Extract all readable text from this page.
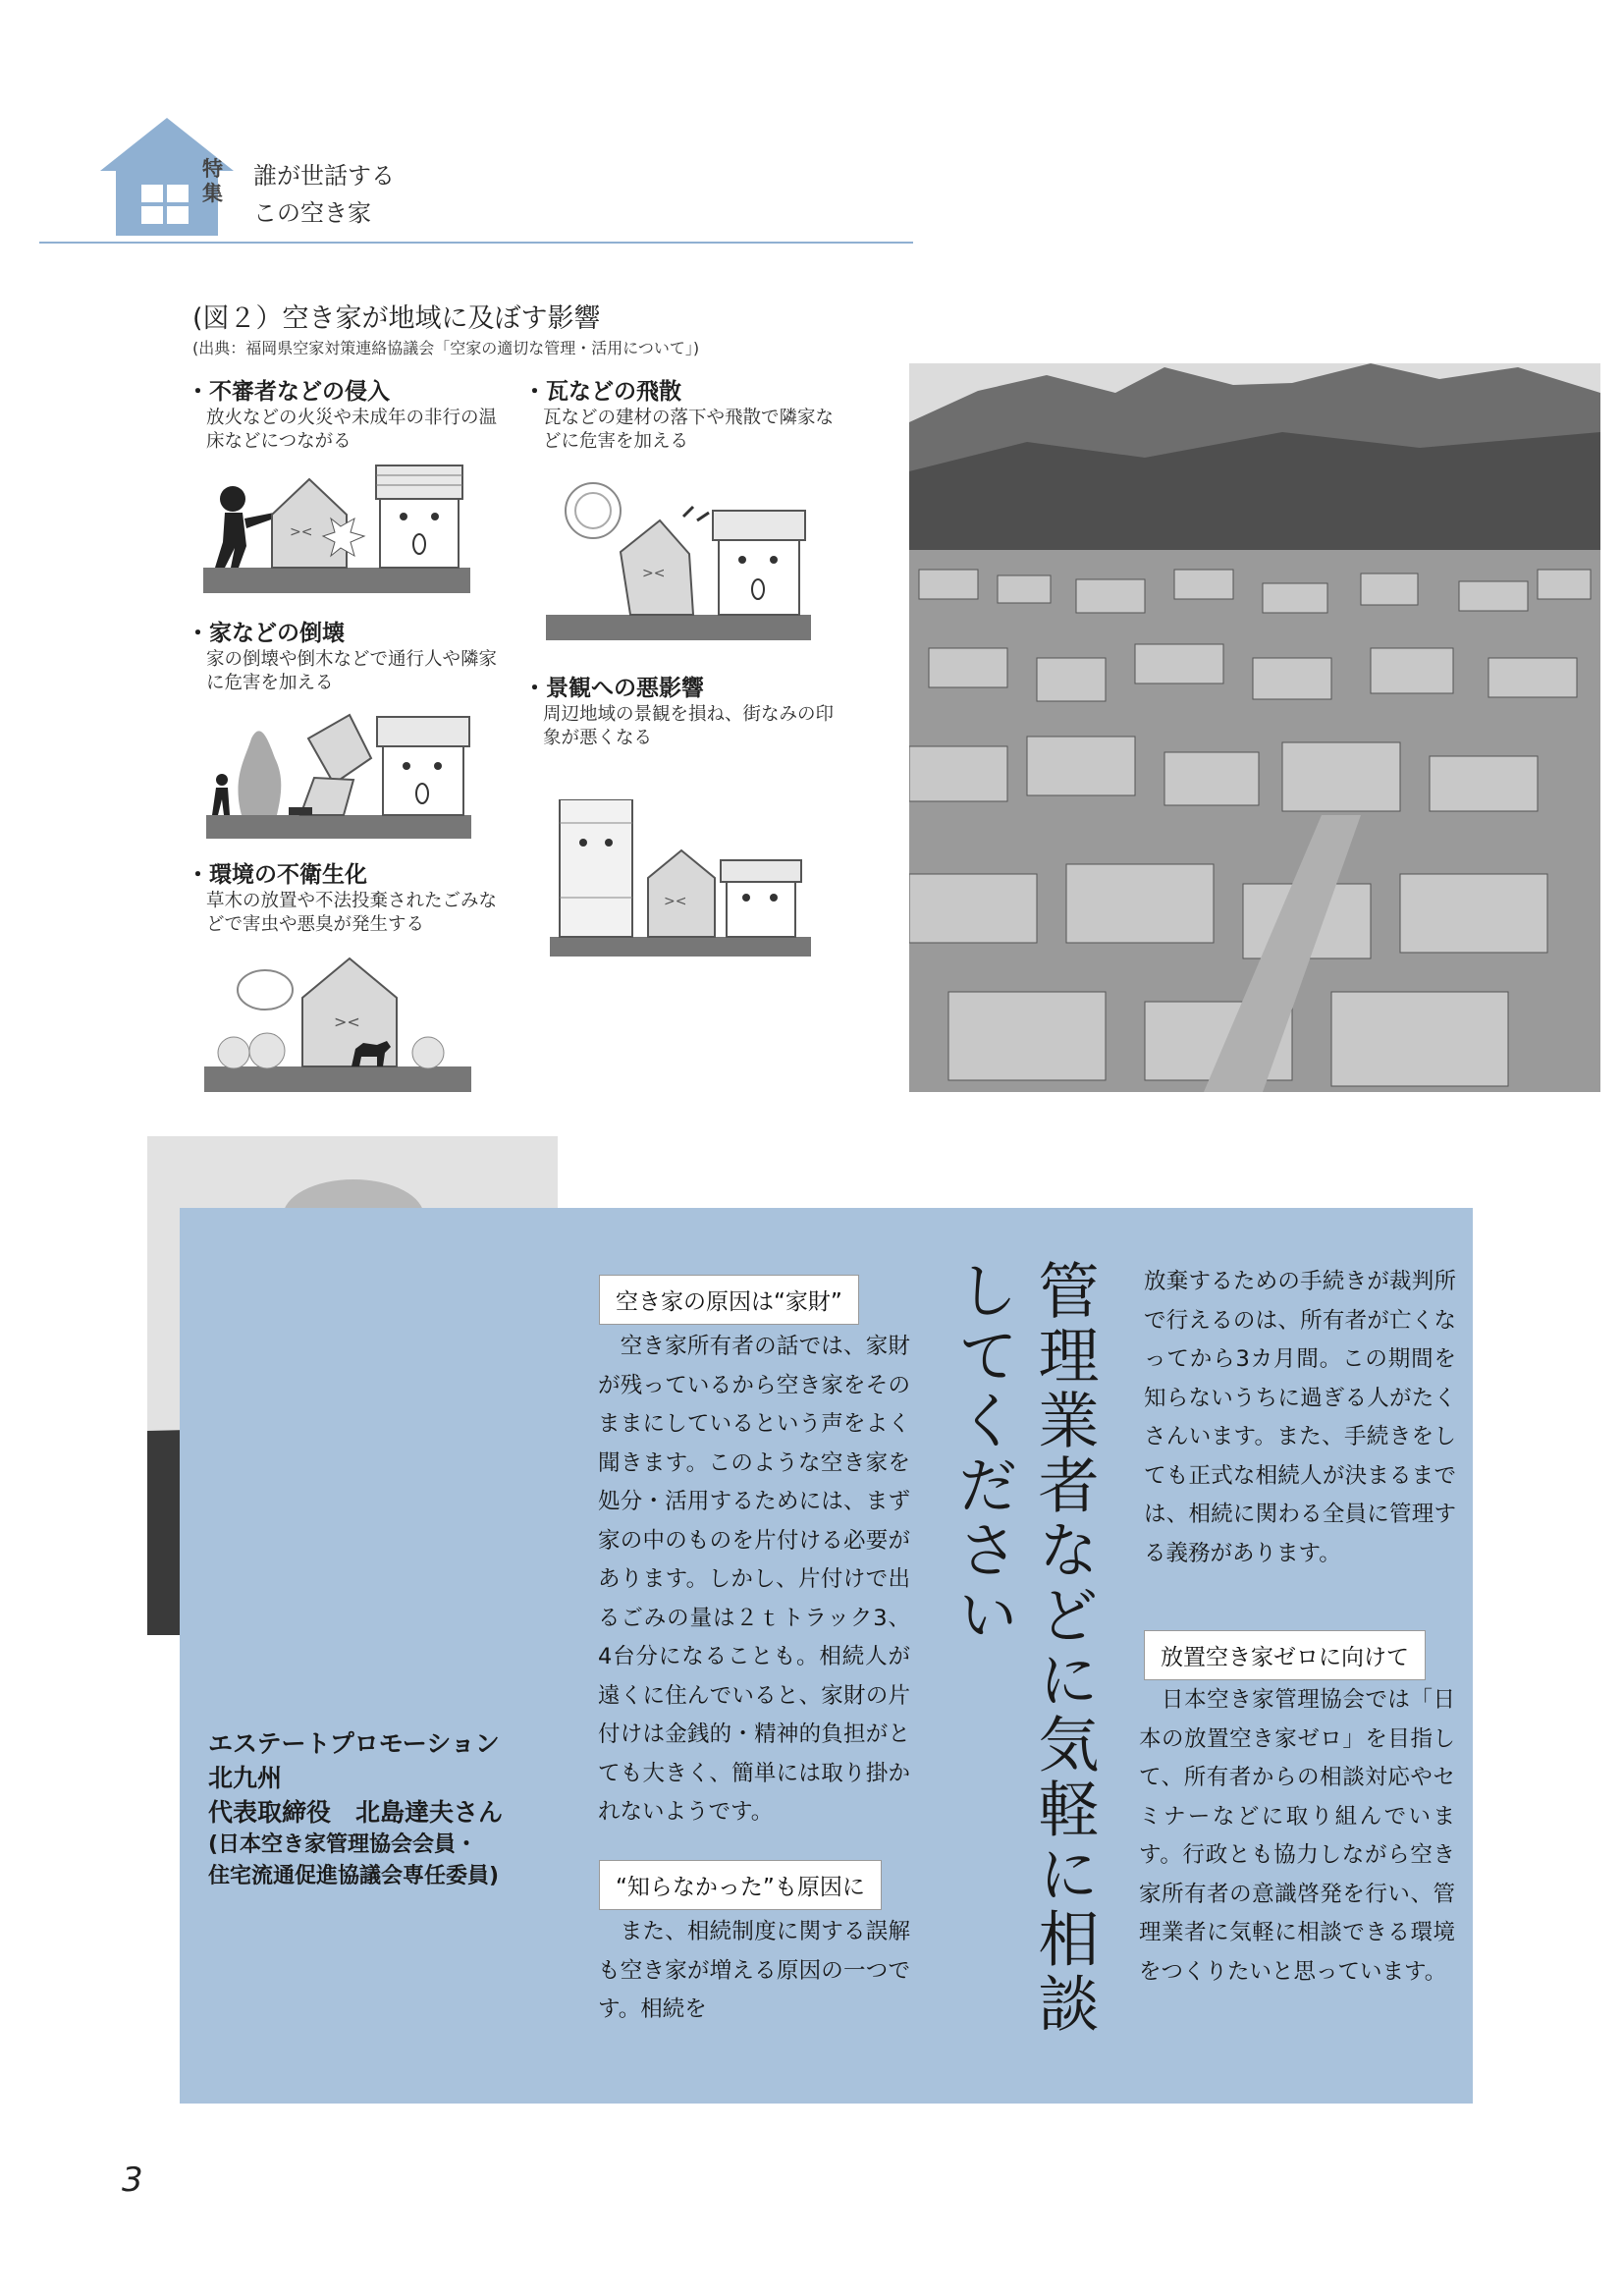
特集
誰が世話する
この空き家
(図２）空き家が地域に及ぼす影響
(出典：福岡県空家対策連絡協議会「空家の適切な管理・活用について」)
・不審者などの侵入
放火などの火災や未成年の非行の温床などにつながる
><
・瓦などの飛散
瓦などの建材の落下や飛散で隣家などに危害を加える
><
・家などの倒壊
家の倒壊や倒木などで通行人や隣家に危害を加える	・景観への悪影響
周辺地域の景観を損ね、街なみの印象が悪くなる
><
・環境の不衛生化
草木の放置や不法投棄されたごみなどで害虫や悪臭が発生する
><
エステートプロモーション
北九州
代表取締役　北島達夫さん
(日本空き家管理協会会員・
住宅流通促進協議会専任委員)
空き家の原因は“家財”
　空き家所有者の話では、家財が残っているから空き家をそのままにしているという声をよく聞きます。このような空き家を処分・活用するためには、まず家の中のものを片付ける必要があります。しかし、片付けで出るごみの量は２ｔトラック3、4台分になることも。相続人が遠くに住んでいると、家財の片付けは金銭的・精神的負担がとても大きく、簡単には取り掛かれないようです。
“知らなかった”も原因に
　また、相続制度に関する誤解も空き家が増える原因の一つです。相続を	管理業者などに気軽に相談してください	放棄するための手続きが裁判所で行えるのは、所有者が亡くなってから3カ月間。この期間を知らないうちに過ぎる人がたくさんいます。また、手続きをしても正式な相続人が決まるまでは、相続に関わる全員に管理する義務があります。
放置空き家ゼロに向けて
　日本空き家管理協会では「日本の放置空き家ゼロ」を目指して、所有者からの相談対応やセミナーなどに取り組んでいます。行政とも協力しながら空き家所有者の意識啓発を行い、管理業者に気軽に相談できる環境をつくりたいと思っています。
3
